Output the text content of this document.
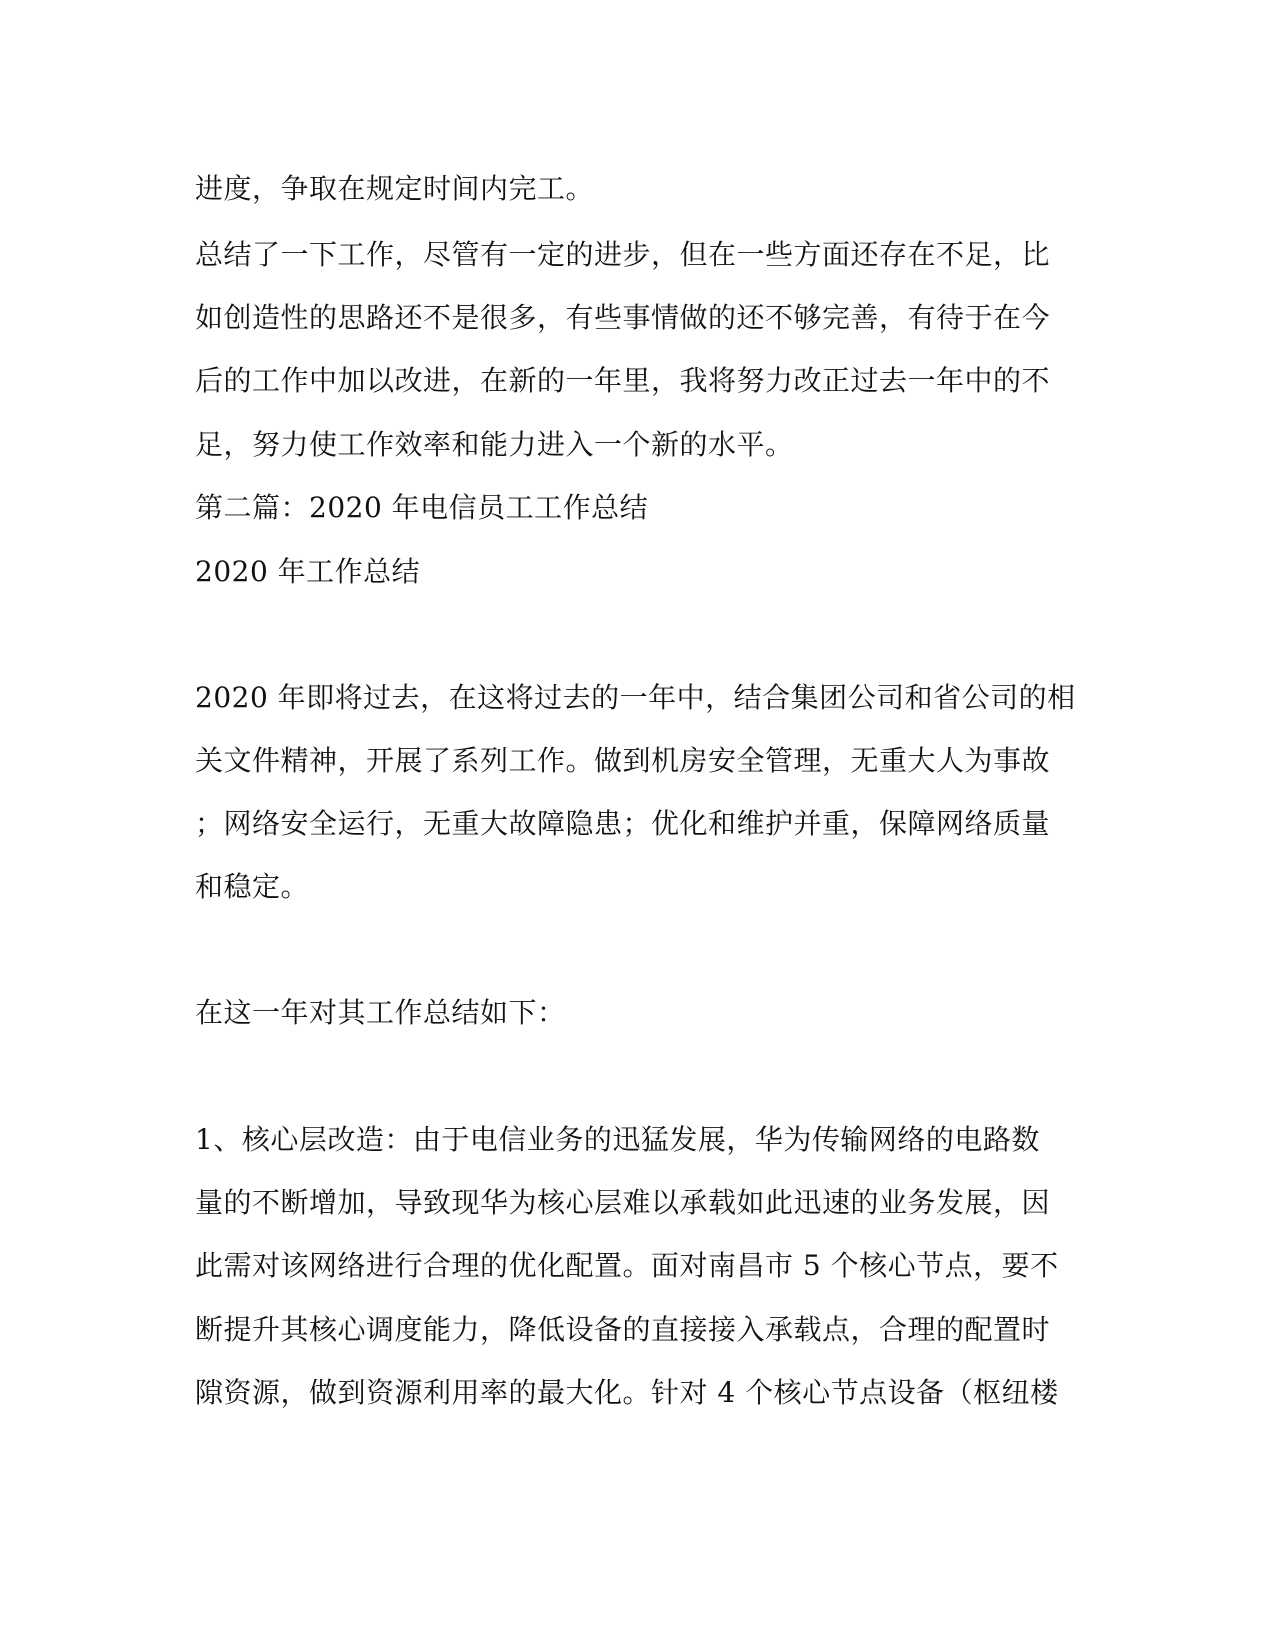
进度，争取在规定时间内完工。
总结了一下工作，尽管有一定的进步，但在一些方面还存在不足，比
如创造性的思路还不是很多，有些事情做的还不够完善，有待于在今
后的工作中加以改进，在新的一年里，我将努力改正过去一年中的不
足，努力使工作效率和能力进入一个新的水平。
第二篇：2020 年电信员工工作总结
2020 年工作总结
2020 年即将过去，在这将过去的一年中，结合集团公司和省公司的相
关文件精神，开展了系列工作。做到机房安全管理，无重大人为事故
；网络安全运行，无重大故障隐患；优化和维护并重，保障网络质量
和稳定。
在这一年对其工作总结如下：
1、核心层改造：由于电信业务的迅猛发展，华为传输网络的电路数
量的不断增加，导致现华为核心层难以承载如此迅速的业务发展，因
此需对该网络进行合理的优化配置。面对南昌市 5 个核心节点，要不
断提升其核心调度能力，降低设备的直接接入承载点，合理的配置时
隙资源，做到资源利用率的最大化。针对 4 个核心节点设备（枢纽楼
